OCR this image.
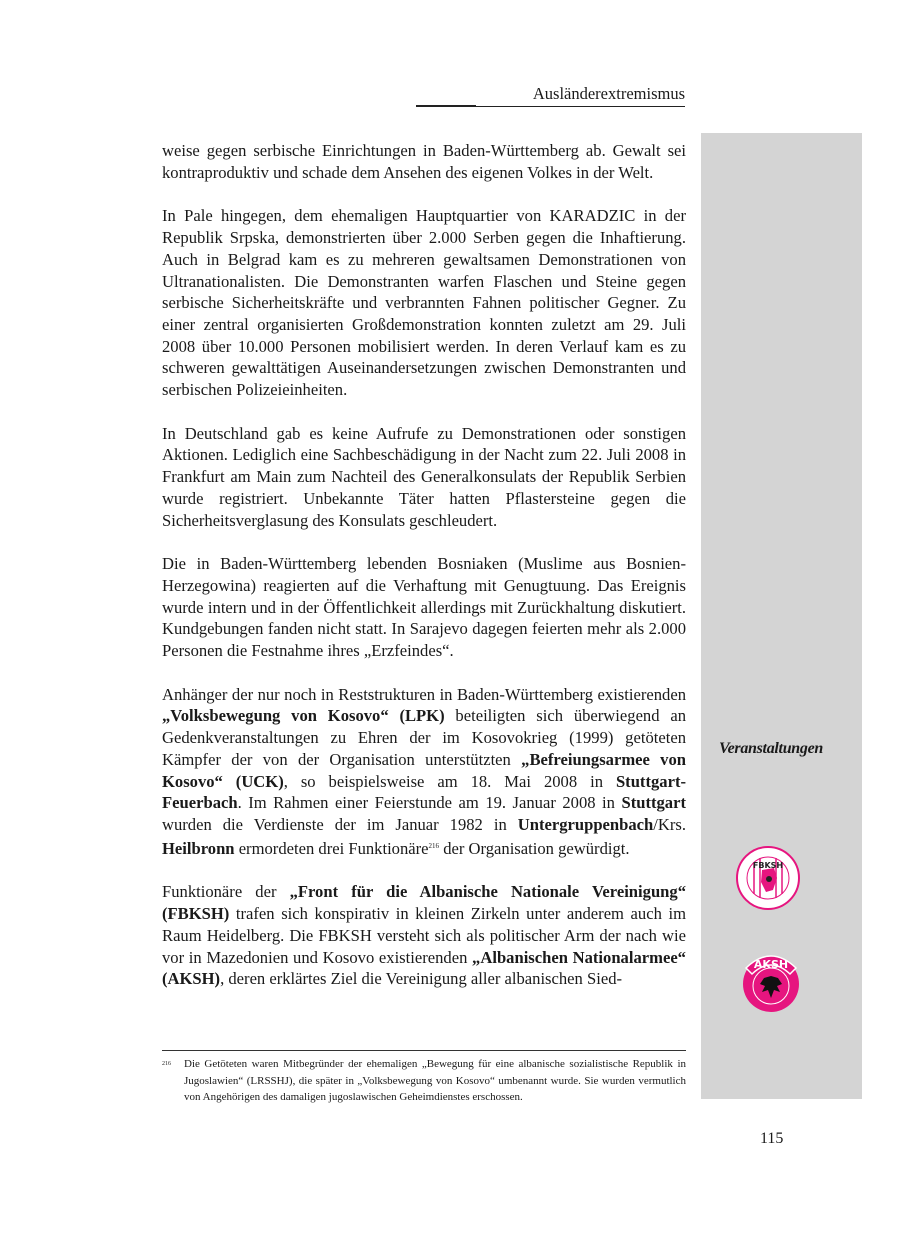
Ausländerextremismus
Veranstaltungen
FBKSH
AKSH

weise gegen serbische Einrichtungen in Baden-Württemberg ab. Gewalt sei kontraproduktiv und schade dem Ansehen des eigenen Volkes in der Welt.

In Pale hingegen, dem ehemaligen Hauptquartier von KARADZIC in der Republik Srpska, demonstrierten über 2.000 Serben gegen die Inhaftierung. Auch in Belgrad kam es zu mehreren gewaltsamen Demonstrationen von Ultranationalisten. Die Demonstranten warfen Flaschen und Steine gegen serbische Sicherheitskräfte und verbrannten Fahnen politischer Gegner. Zu einer zentral organisierten Großdemonstration konnten zuletzt am 29. Juli 2008 über 10.000 Personen mobilisiert werden. In deren Verlauf kam es zu schweren gewalttätigen Auseinandersetzungen zwischen Demonstranten und serbischen Polizeieinheiten.

In Deutschland gab es keine Aufrufe zu Demonstrationen oder sonstigen Aktionen. Lediglich eine Sachbeschädigung in der Nacht zum 22. Juli 2008 in Frankfurt am Main zum Nachteil des Generalkonsulats der Republik Serbien wurde registriert. Unbekannte Täter hatten Pflastersteine gegen die Sicherheitsverglasung des Konsulats geschleudert.

Die in Baden-Württemberg lebenden Bosniaken (Muslime aus Bosnien-Herzegowina) reagierten auf die Verhaftung mit Genugtuung. Das Ereignis wurde intern und in der Öffentlichkeit allerdings mit Zurückhaltung diskutiert. Kundgebungen fanden nicht statt. In Sarajevo dagegen feierten mehr als 2.000 Personen die Festnahme ihres „Erzfeindes“.

Anhänger der nur noch in Reststrukturen in Baden-Württemberg existierenden „Volksbewegung von Kosovo“ (LPK) beteiligten sich überwiegend an Gedenkveranstaltungen zu Ehren der im Kosovokrieg (1999) getöteten Kämpfer der von der Organisation unterstützten „Befreiungsarmee von Kosovo“ (UCK), so beispielsweise am 18. Mai 2008 in Stuttgart-Feuerbach. Im Rahmen einer Feierstunde am 19. Januar 2008 in Stuttgart wurden die Verdienste der im Januar 1982 in Untergruppenbach/Krs. Heilbronn ermordeten drei Funktionäre$^{216}$ der Organisation gewürdigt.

Funktionäre der „Front für die Albanische Nationale Vereinigung“ (FBKSH) trafen sich konspirativ in kleinen Zirkeln unter anderem auch im Raum Heidelberg. Die FBKSH versteht sich als politischer Arm der nach wie vor in Mazedonien und Kosovo existierenden „Albanischen Nationalarmee“ (AKSH), deren erklärtes Ziel die Vereinigung aller albanischen Sied-

216 Die Getöteten waren Mitbegründer der ehemaligen „Bewegung für eine albanische sozialistische Republik in Jugoslawien“ (LRSSHJ), die später in „Volksbewegung von Kosovo“ umbenannt wurde. Sie wurden vermutlich von Angehörigen des damaligen jugoslawischen Geheimdienstes erschossen.
115
